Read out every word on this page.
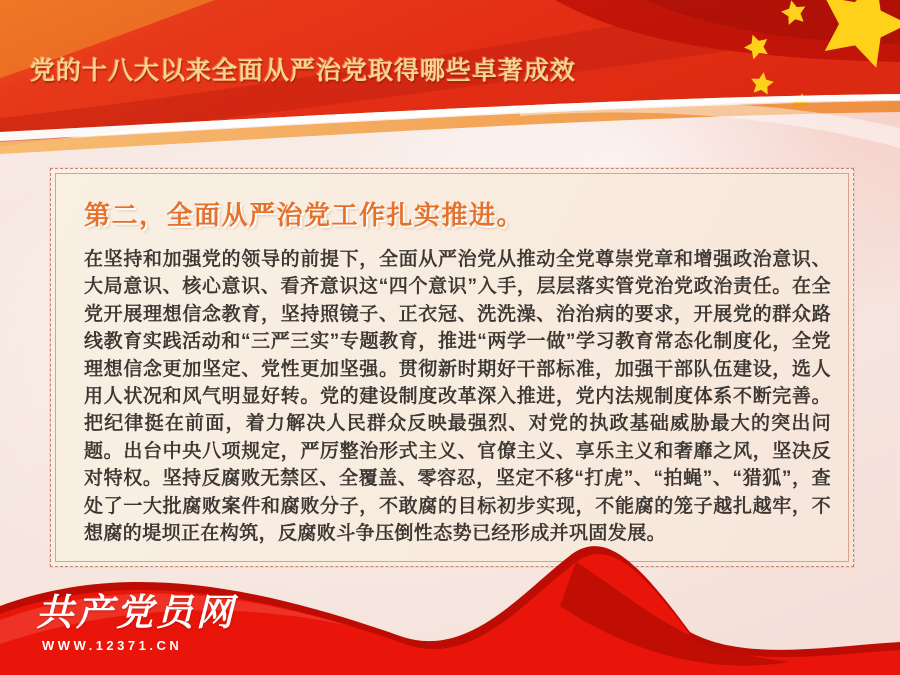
党的十八大以来全面从严治党取得哪些卓著成效
第二，全面从严治党工作扎实推进。

在坚持和加强党的领导的前提下，全面从严治党从推动全党尊崇党章和增强政治意识、大局意识、核心意识、看齐意识这“四个意识”入手，层层落实管党治党政治责任。在全党开展理想信念教育，坚持照镜子、正衣冠、洗洗澡、治治病的要求，开展党的群众路线教育实践活动和“三严三实”专题教育，推进“两学一做”学习教育常态化制度化，全党理想信念更加坚定、党性更加坚强。贯彻新时期好干部标准，加强干部队伍建设，选人用人状况和风气明显好转。党的建设制度改革深入推进，党内法规制度体系不断完善。把纪律挺在前面，着力解决人民群众反映最强烈、对党的执政基础威胁最大的突出问题。出台中央八项规定，严厉整治形式主义、官僚主义、享乐主义和奢靡之风，坚决反对特权。坚持反腐败无禁区、全覆盖、零容忍，坚定不移“打虎”、“拍蝇”、“猎狐”，查处了一大批腐败案件和腐败分子，不敢腐的目标初步实现，不能腐的笼子越扎越牢，不想腐的堤坝正在构筑，反腐败斗争压倒性态势已经形成并巩固发展。

共产党员网
WWW.12371.CN
